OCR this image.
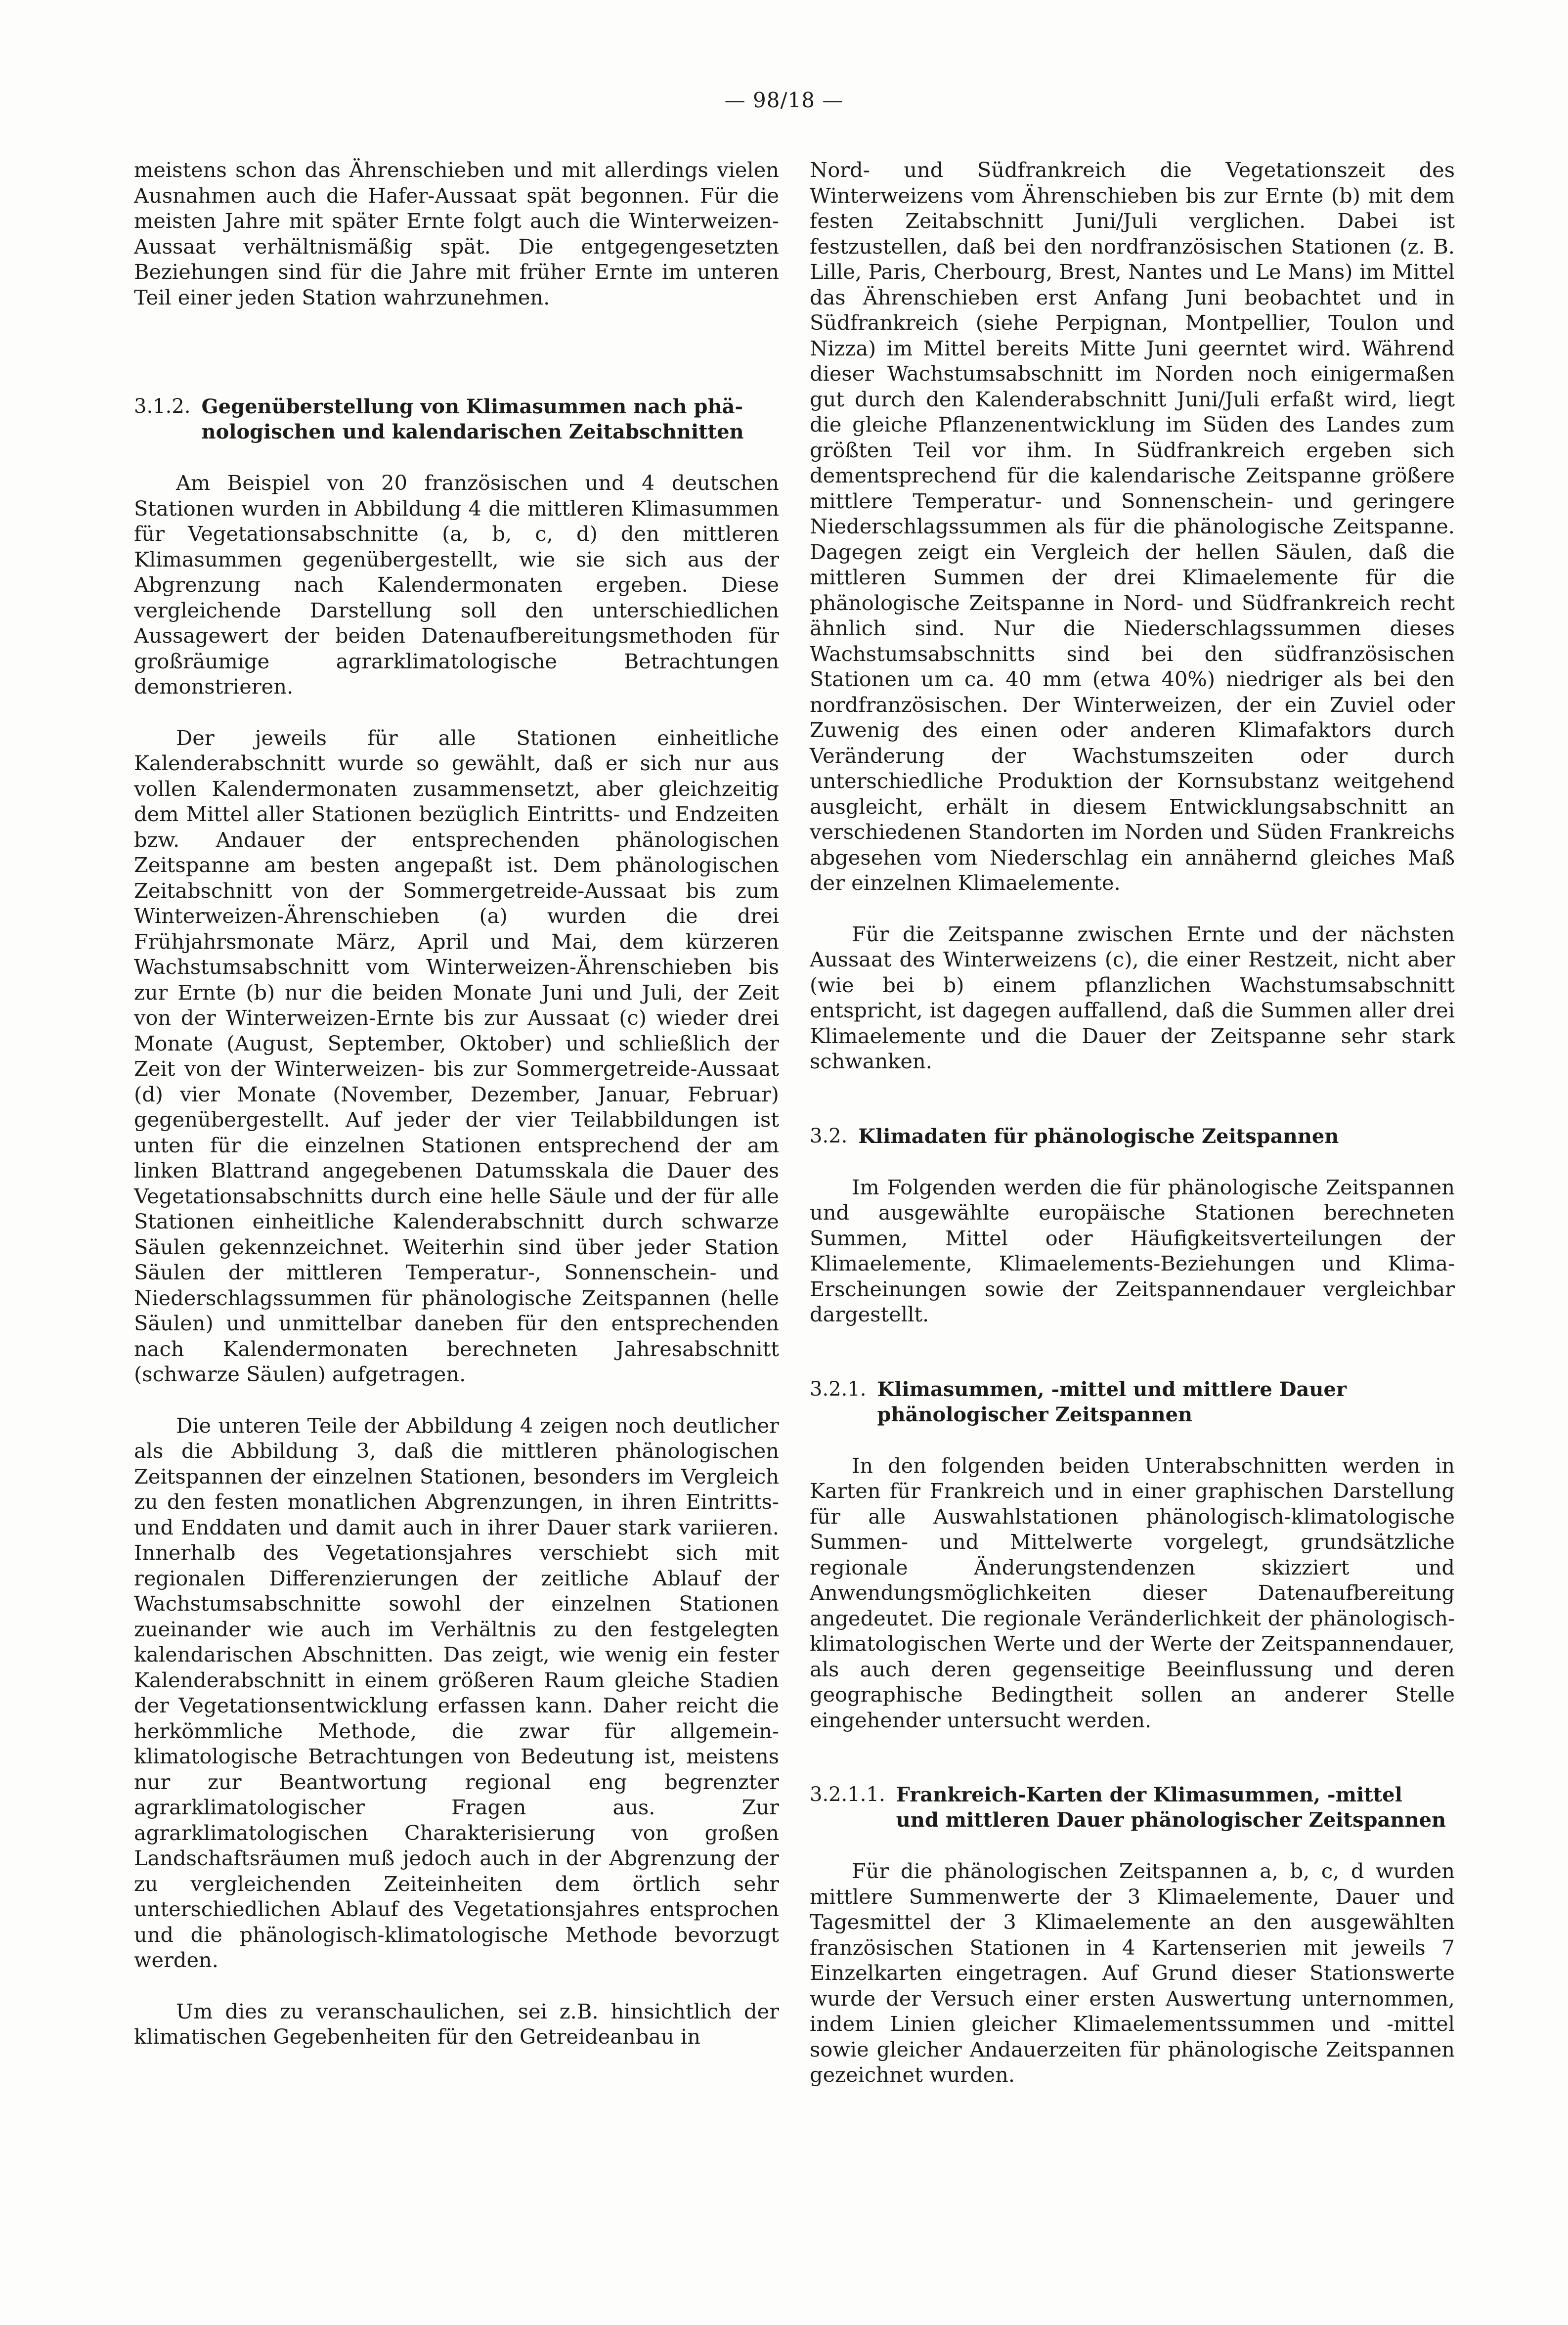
— 98/18 —

meistens schon das Ährenschieben und mit allerdings vielen Ausnahmen auch die Hafer-Aussaat spät begonnen. Für die meisten Jahre mit später Ernte folgt auch die Winterweizen-Aussaat verhältnismäßig spät. Die entgegengesetzten Beziehungen sind für die Jahre mit früher Ernte im unteren Teil einer jeden Station wahrzunehmen.

3.1.2. Gegenüberstellung von Klimasummen nach phä-
nologischen und kalendarischen Zeitabschnitten

Am Beispiel von 20 französischen und 4 deutschen Stationen wurden in Abbildung 4 die mittleren Klimasummen für Vegetationsabschnitte (a, b, c, d) den mittleren Klimasummen gegenübergestellt, wie sie sich aus der Abgrenzung nach Kalendermonaten ergeben. Diese vergleichende Darstellung soll den unterschiedlichen Aussagewert der beiden Datenaufbereitungsmethoden für großräumige agrarklimatologische Betrachtungen demonstrieren.

Der jeweils für alle Stationen einheitliche Kalenderabschnitt wurde so gewählt, daß er sich nur aus vollen Kalendermonaten zusammensetzt, aber gleichzeitig dem Mittel aller Stationen bezüglich Eintritts- und Endzeiten bzw. Andauer der entsprechenden phänologischen Zeitspanne am besten angepaßt ist. Dem phänologischen Zeitabschnitt von der Sommergetreide-Aussaat bis zum Winterweizen-Ährenschieben (a) wurden die drei Frühjahrsmonate März, April und Mai, dem kürzeren Wachstumsabschnitt vom Winterweizen-Ährenschieben bis zur Ernte (b) nur die beiden Monate Juni und Juli, der Zeit von der Winterweizen-Ernte bis zur Aussaat (c) wieder drei Monate (August, September, Oktober) und schließlich der Zeit von der Winterweizen- bis zur Sommergetreide-Aussaat (d) vier Monate (November, Dezember, Januar, Februar) gegenübergestellt. Auf jeder der vier Teilabbildungen ist unten für die einzelnen Stationen entsprechend der am linken Blattrand angegebenen Datumsskala die Dauer des Vegetationsabschnitts durch eine helle Säule und der für alle Stationen einheitliche Kalenderabschnitt durch schwarze Säulen gekennzeichnet. Weiterhin sind über jeder Station Säulen der mittleren Temperatur-, Sonnenschein- und Niederschlagssummen für phänologische Zeitspannen (helle Säulen) und unmittelbar daneben für den entsprechenden nach Kalendermonaten berechneten Jahresabschnitt (schwarze Säulen) aufgetragen.

Die unteren Teile der Abbildung 4 zeigen noch deutlicher als die Abbildung 3, daß die mittleren phänologischen Zeitspannen der einzelnen Stationen, besonders im Vergleich zu den festen monatlichen Abgrenzungen, in ihren Eintritts- und Enddaten und damit auch in ihrer Dauer stark variieren. Innerhalb des Vegetationsjahres verschiebt sich mit regionalen Differenzierungen der zeitliche Ablauf der Wachstumsabschnitte sowohl der einzelnen Stationen zueinander wie auch im Verhältnis zu den festgelegten kalendarischen Abschnitten. Das zeigt, wie wenig ein fester Kalenderabschnitt in einem größeren Raum gleiche Stadien der Vegetationsentwicklung erfassen kann. Daher reicht die herkömmliche Methode, die zwar für allgemein-klimatologische Betrachtungen von Bedeutung ist, meistens nur zur Beantwortung regional eng begrenzter agrarklimatologischer Fragen aus. Zur agrarklimatologischen Charakterisierung von großen Landschaftsräumen muß jedoch auch in der Abgrenzung der zu vergleichenden Zeiteinheiten dem örtlich sehr unterschiedlichen Ablauf des Vegetationsjahres entsprochen und die phänologisch-klimatologische Methode bevorzugt werden.

Um dies zu veranschaulichen, sei z.B. hinsichtlich der klimatischen Gegebenheiten für den Getreideanbau in

Nord- und Südfrankreich die Vegetationszeit des Winterweizens vom Ährenschieben bis zur Ernte (b) mit dem festen Zeitabschnitt Juni/Juli verglichen. Dabei ist festzustellen, daß bei den nordfranzösischen Stationen (z. B. Lille, Paris, Cherbourg, Brest, Nantes und Le Mans) im Mittel das Ährenschieben erst Anfang Juni beobachtet und in Südfrankreich (siehe Perpignan, Montpellier, Toulon und Nizza) im Mittel bereits Mitte Juni geerntet wird. Während dieser Wachstumsabschnitt im Norden noch einigermaßen gut durch den Kalenderabschnitt Juni/Juli erfaßt wird, liegt die gleiche Pflanzenentwicklung im Süden des Landes zum größten Teil vor ihm. In Südfrankreich ergeben sich dementsprechend für die kalendarische Zeitspanne größere mittlere Temperatur- und Sonnenschein- und geringere Niederschlagssummen als für die phänologische Zeitspanne. Dagegen zeigt ein Vergleich der hellen Säulen, daß die mittleren Summen der drei Klimaelemente für die phänologische Zeitspanne in Nord- und Südfrankreich recht ähnlich sind. Nur die Niederschlagssummen dieses Wachstumsabschnitts sind bei den südfranzösischen Stationen um ca. 40 mm (etwa 40%) niedriger als bei den nordfranzösischen. Der Winterweizen, der ein Zuviel oder Zuwenig des einen oder anderen Klimafaktors durch Veränderung der Wachstumszeiten oder durch unterschiedliche Produktion der Kornsubstanz weitgehend ausgleicht, erhält in diesem Entwicklungsabschnitt an verschiedenen Standorten im Norden und Süden Frankreichs abgesehen vom Niederschlag ein annähernd gleiches Maß der einzelnen Klimaelemente.

Für die Zeitspanne zwischen Ernte und der nächsten Aussaat des Winterweizens (c), die einer Restzeit, nicht aber (wie bei b) einem pflanzlichen Wachstumsabschnitt entspricht, ist dagegen auffallend, daß die Summen aller drei Klimaelemente und die Dauer der Zeitspanne sehr stark schwanken.

3.2. Klimadaten für phänologische Zeitspannen

Im Folgenden werden die für phänologische Zeitspannen und ausgewählte europäische Stationen berechneten Summen, Mittel oder Häufigkeitsverteilungen der Klimaelemente, Klimaelements-Beziehungen und Klima-Erscheinungen sowie der Zeitspannendauer vergleichbar dargestellt.

3.2.1. Klimasummen, -mittel und mittlere Dauer
phänologischer Zeitspannen

In den folgenden beiden Unterabschnitten werden in Karten für Frankreich und in einer graphischen Darstellung für alle Auswahlstationen phänologisch-klimatologische Summen- und Mittelwerte vorgelegt, grundsätzliche regionale Änderungstendenzen skizziert und Anwendungsmöglichkeiten dieser Datenaufbereitung angedeutet. Die regionale Veränderlichkeit der phänologisch-klimatologischen Werte und der Werte der Zeitspannendauer, als auch deren gegenseitige Beeinflussung und deren geographische Bedingtheit sollen an anderer Stelle eingehender untersucht werden.

3.2.1.1. Frankreich-Karten der Klimasummen, -mittel
und mittleren Dauer phänologischer Zeitspannen

Für die phänologischen Zeitspannen a, b, c, d wurden mittlere Summenwerte der 3 Klimaelemente, Dauer und Tagesmittel der 3 Klimaelemente an den ausgewählten französischen Stationen in 4 Kartenserien mit jeweils 7 Einzelkarten eingetragen. Auf Grund dieser Stationswerte wurde der Versuch einer ersten Auswertung unternommen, indem Linien gleicher Klimaelementssummen und -mittel sowie gleicher Andauerzeiten für phänologische Zeitspannen gezeichnet wurden.
